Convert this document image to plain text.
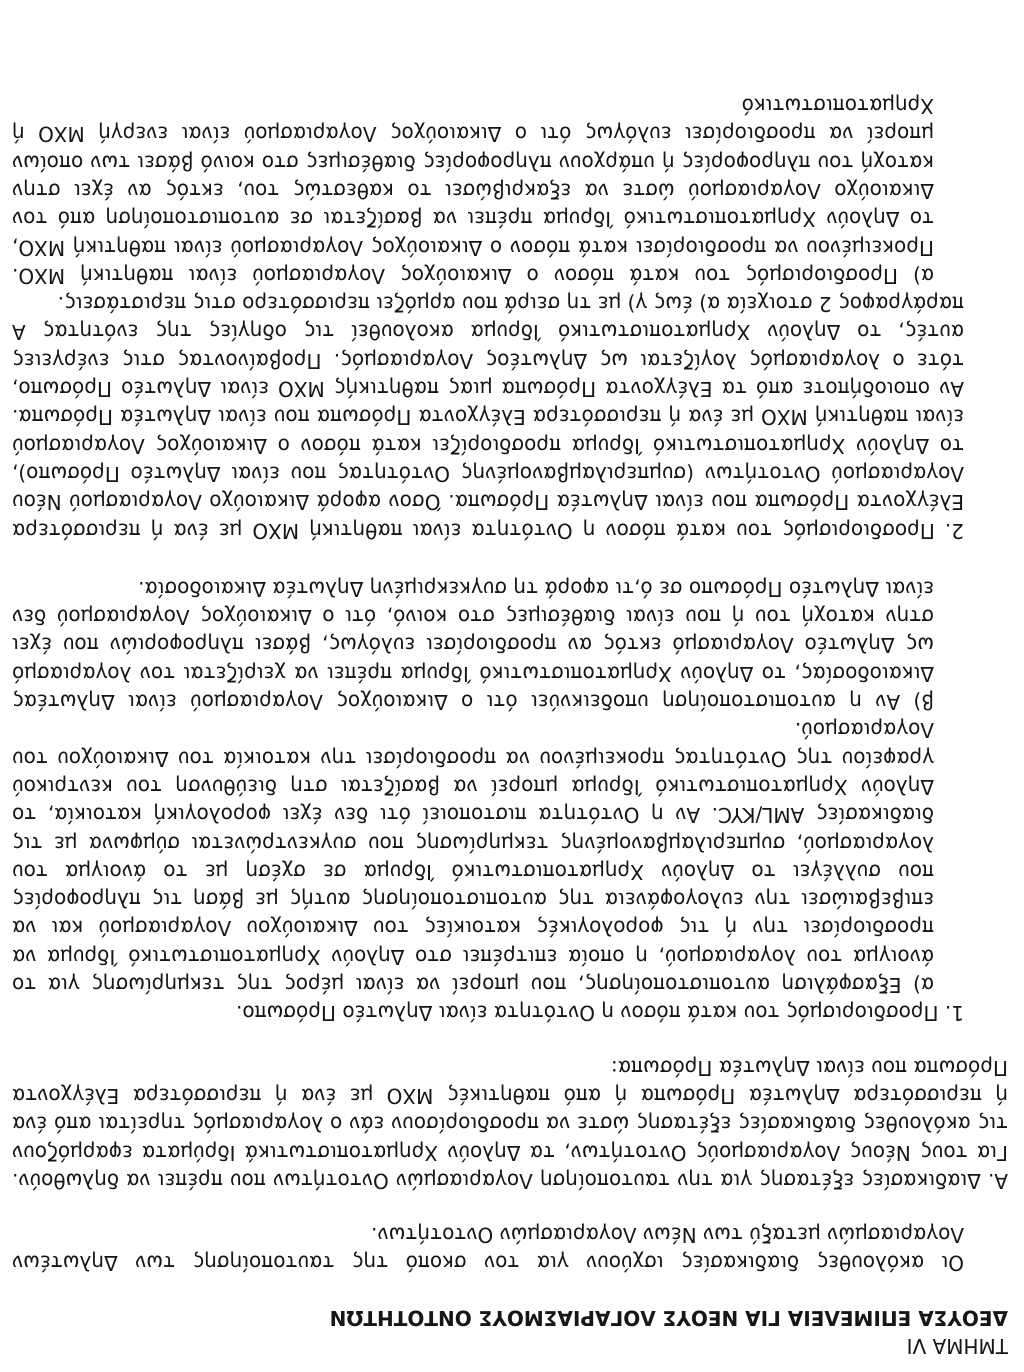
ΤΜΗΜΑ VI

ΔΕΟΥΣΑ ΕΠΙΜΕΛΕΙΑ ΓΙΑ ΝΕΟΥΣ ΛΟΓΑΡΙΑΣΜΟΥΣ ΟΝΤΟΤΗΤΩΝ

Οι ακόλουθες διαδικασίες ισχύουν για τον σκοπό της ταυτοποίησης των Δηλωτέων Λογαριασμών μεταξύ των Νέων Λογαριασμών Οντοτήτων.

Α. Διαδικασίες εξέτασης για την ταυτοποίηση Λογαριασμών Οντοτήτων που πρέπει να δηλωθούν. Για τους Νέους Λογαριασμούς Οντοτήτων, τα Δηλούν Χρηματοπιστωτικά Ιδρύματα εφαρμόζουν τις ακόλουθες διαδικασίες εξέτασης ώστε να προσδιορίσουν εάν ο λογαριασμός τηρείται από ένα ή περισσότερα Δηλωτέα Πρόσωπα ή από παθητικές ΜΧΟ με ένα ή περισσότερα Ελέγχοντα Πρόσωπα που είναι Δηλωτέα Πρόσωπα:

1. Προσδιορισμός του κατά πόσον η Οντότητα είναι Δηλωτέο Πρόσωπο.

α) Εξασφάλιση αυτοπιστοποίησης, που μπορεί να είναι μέρος της τεκμηρίωσης για το άνοιγμα του λογαριασμού, η οποία επιτρέπει στο Δηλούν Χρηματοπιστωτικό Ίδρυμα να προσδιορίσει την ή τις φορολογικές κατοικίες του Δικαιούχου Λογαριασμού και να επιβεβαιώσει την ευλογοφάνεια της αυτοπιστοποίησης αυτής με βάση τις πληροφορίες που συλλέγει το Δηλούν Χρηματοπιστωτικό Ίδρυμα σε σχέση με το άνοιγμα του λογαριασμού, συμπεριλαμβανομένης τεκμηρίωσης που συγκεντρώνεται σύμφωνα με τις διαδικασίες AML/KYC. Αν η Οντότητα πιστοποιεί ότι δεν έχει φορολογική κατοικία, το Δηλούν Χρηματοπιστωτικό Ίδρυμα μπορεί να βασίζεται στη διεύθυνση του κεντρικού γραφείου της Οντότητας προκειμένου να προσδιορίσει την κατοικία του Δικαιούχου του Λογαριασμού.

β) Αν η αυτοπιστοποίηση υποδεικνύει ότι ο Δικαιούχος Λογαριασμού είναι Δηλωτέας Δικαιοδοσίας, το Δηλούν Χρηματοπιστωτικό Ίδρυμα πρέπει να χειρίζεται τον λογαριασμό ως Δηλωτέο Λογαριασμό εκτός αν προσδιορίσει ευλόγως, βάσει πληροφοριών που έχει στην κατοχή του ή που είναι διαθέσιμες στο κοινό, ότι ο Δικαιούχος Λογαριασμού δεν είναι Δηλωτέο Πρόσωπο σε ό,τι αφορά τη συγκεκριμένη Δηλωτέα Δικαιοδοσία.

2. Προσδιορισμός του κατά πόσον η Οντότητα είναι παθητική ΜΧΟ με ένα ή περισσότερα Ελέγχοντα Πρόσωπα που είναι Δηλωτέα Πρόσωπα. Όσον αφορά Δικαιούχο Λογαριασμού Νέου Λογαριασμού Οντοτήτων (συμπεριλαμβανομένης Οντότητας που είναι Δηλωτέο Πρόσωπο), το Δηλούν Χρηματοπιστωτικό Ίδρυμα προσδιορίζει κατά πόσον ο Δικαιούχος Λογαριασμού είναι παθητική ΜΧΟ με ένα ή περισσότερα Ελέγχοντα Πρόσωπα που είναι Δηλωτέα Πρόσωπα. Αν οποιοδήποτε από τα Ελέγχοντα Πρόσωπα μιας παθητικής ΜΧΟ είναι Δηλωτέο Πρόσωπο, τότε ο λογαριασμός λογίζεται ως Δηλωτέος Λογαριασμός. Προβαίνοντας στις ενέργειες αυτές, το Δηλούν Χρηματοπιστωτικό Ίδρυμα ακολουθεί τις οδηγίες της ενότητας Α παράγραφος 2 στοιχεία α) έως γ) με τη σειρά που αρμόζει περισσότερο στις περιστάσεις.

α) Προσδιορισμός του κατά πόσον ο Δικαιούχος Λογαριασμού είναι παθητική ΜΧΟ. Προκειμένου να προσδιορίσει κατά πόσον ο Δικαιούχος Λογαριασμού είναι παθητική ΜΧΟ, το Δηλούν Χρηματοπιστωτικό Ίδρυμα πρέπει να βασίζεται σε αυτοπιστοποίηση από τον Δικαιούχο Λογαριασμού ώστε να εξακριβώσει το καθεστώς του, εκτός αν έχει στην κατοχή του πληροφορίες ή υπάρχουν πληροφορίες διαθέσιμες στο κοινό βάσει των οποίων μπορεί να προσδιορίσει ευλόγως ότι ο Δικαιούχος Λογαριασμού είναι ενεργή ΜΧΟ ή Χρηματοπιστωτικό
